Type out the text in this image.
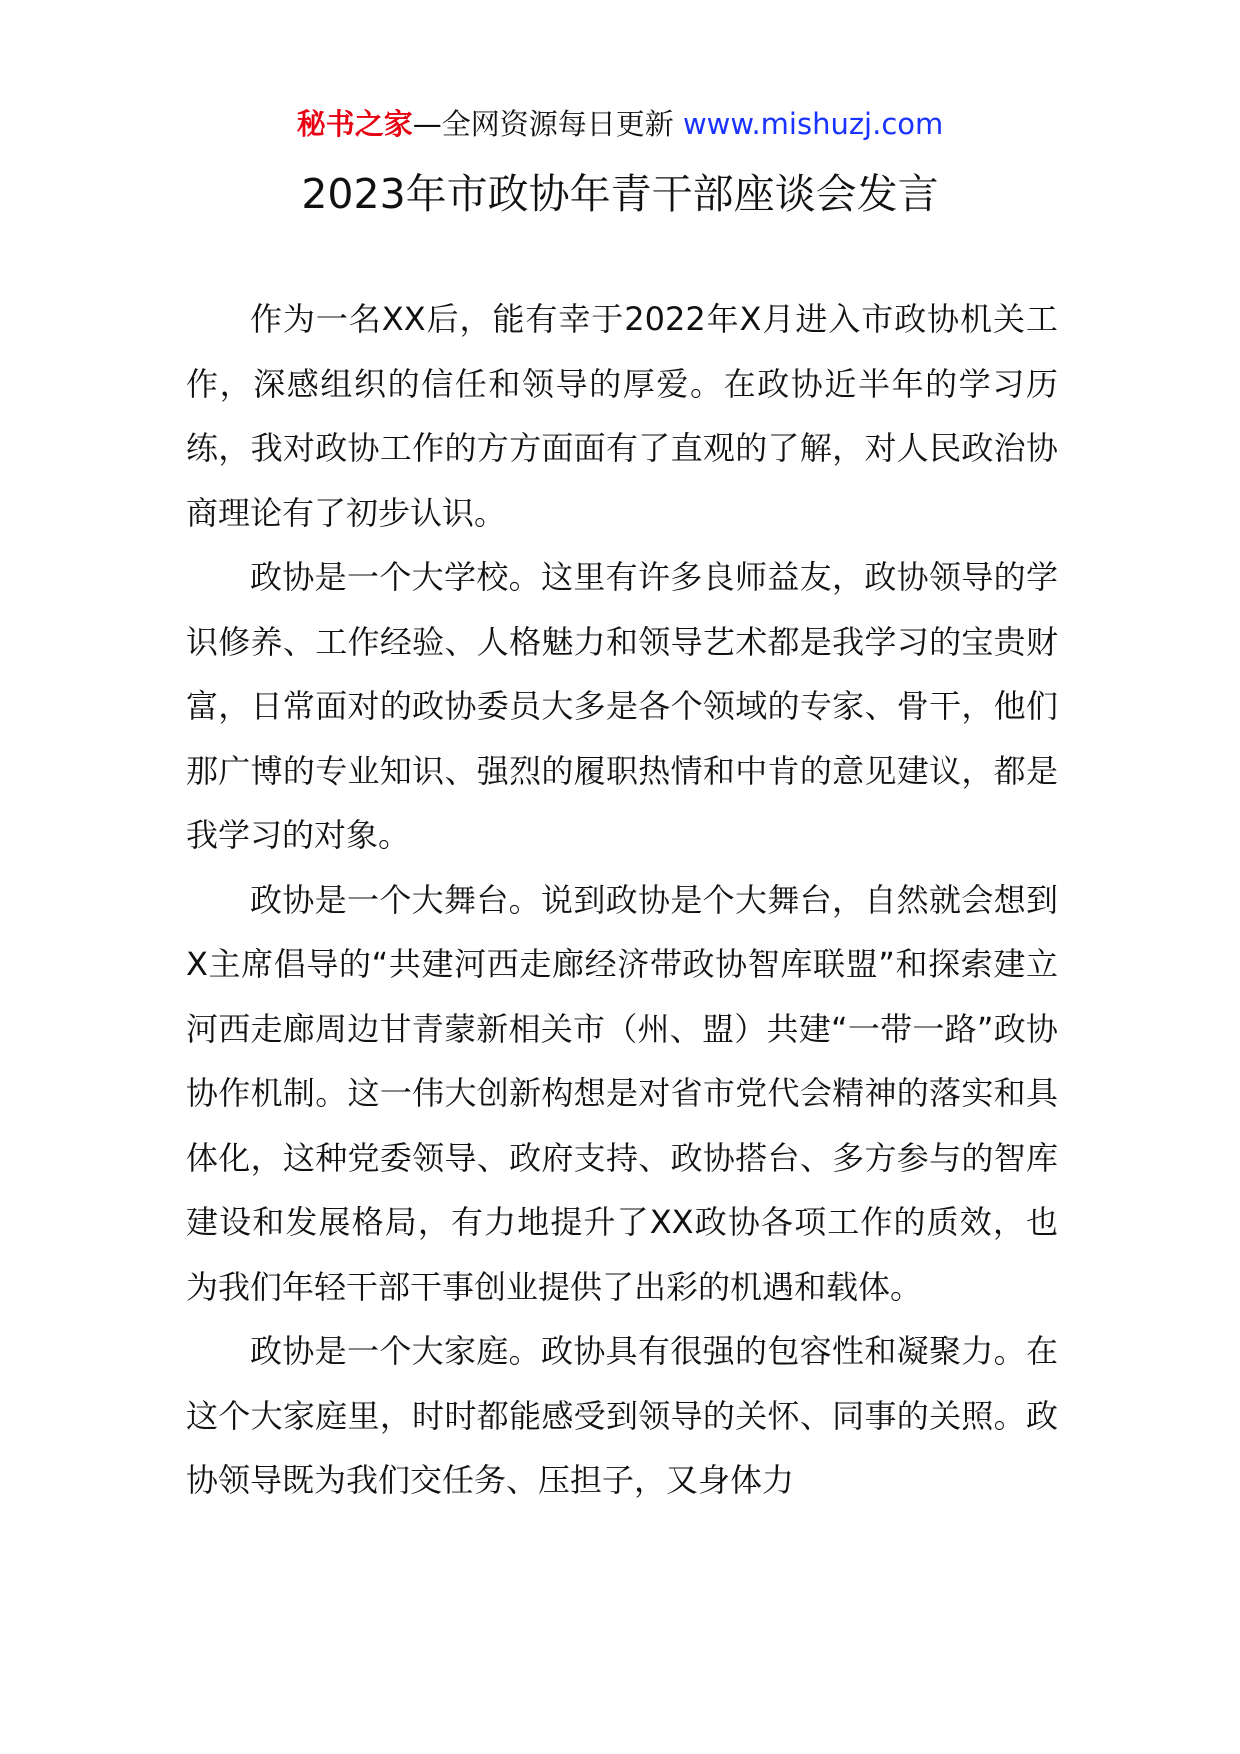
秘书之家—全网资源每日更新 www.mishuzj.com
2023年市政协年青干部座谈会发言

作为一名XX后，能有幸于2022年X月进入市政协机关工作，深感组织的信任和领导的厚爱。在政协近半年的学习历练，我对政协工作的方方面面有了直观的了解，对人民政治协商理论有了初步认识。

政协是一个大学校。这里有许多良师益友，政协领导的学识修养、工作经验、人格魅力和领导艺术都是我学习的宝贵财富，日常面对的政协委员大多是各个领域的专家、骨干，他们那广博的专业知识、强烈的履职热情和中肯的意见建议，都是我学习的对象。

政协是一个大舞台。说到政协是个大舞台，自然就会想到X主席倡导的“共建河西走廊经济带政协智库联盟”和探索建立河西走廊周边甘青蒙新相关市（州、盟）共建“一带一路”政协协作机制。这一伟大创新构想是对省市党代会精神的落实和具体化，这种党委领导、政府支持、政协搭台、多方参与的智库建设和发展格局，有力地提升了XX政协各项工作的质效，也为我们年轻干部干事创业提供了出彩的机遇和载体。

政协是一个大家庭。政协具有很强的包容性和凝聚力。在这个大家庭里，时时都能感受到领导的关怀、同事的关照。政协领导既为我们交任务、压担子，又身体力
